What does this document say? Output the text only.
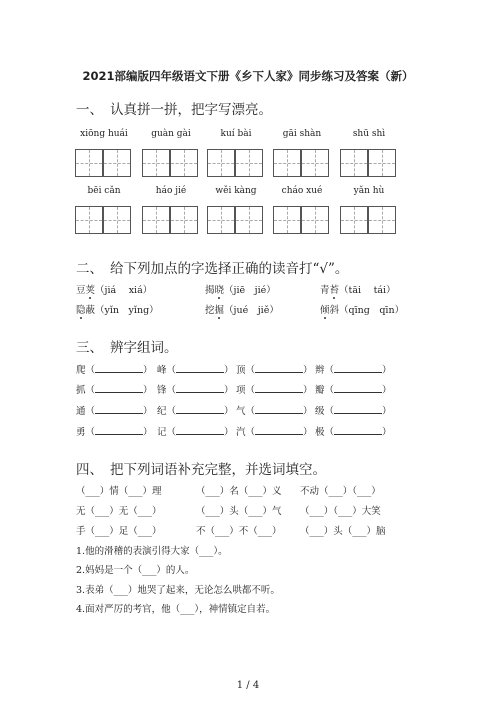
2021部编版四年级语文下册《乡下人家》同步练习及答案（新）
一、 认真拼一拼，把字写漂亮。
xiōng huái	guàn gài	kuí bài	gāi shàn	shū shì
bēi cǎn	háo jié	wěi kàng	cháo xué	yǎn hù
二、 给下列加点的字选择正确的读音打“√”。
豆荚（jiá　 xiá）	揭晓（jiē　jié）	青苔（tāi　 tái）
隐蔽（yǐn　yǐng）	挖掘（jué　jiě）	倾斜（qīng　qīn）
三、 辨字组词。
爬（	） 峰（	） 顶（	） 辫（	）
抓（	） 锋（	） 项（	） 瓣（	）
通（	） 纪（	） 气（	） 级（	）
勇（	） 记（	） 汽（	） 极（	）
四、 把下列词语补充完整，并选词填空。
（___）情（___）理	（___）名（___）义 不动（___）（___）
无（___）无（___）	（___）头（___）气 （___）（___）大笑
手（___）足（___）	不（___）不（___） （___）头（___）脑
1.他的滑稽的表演引得大家（___）。
2.妈妈是一个（___）的人。
3.表弟（___）地哭了起来，无论怎么哄都不听。
4.面对严厉的考官，他（___），神情镇定自若。
1 / 4
